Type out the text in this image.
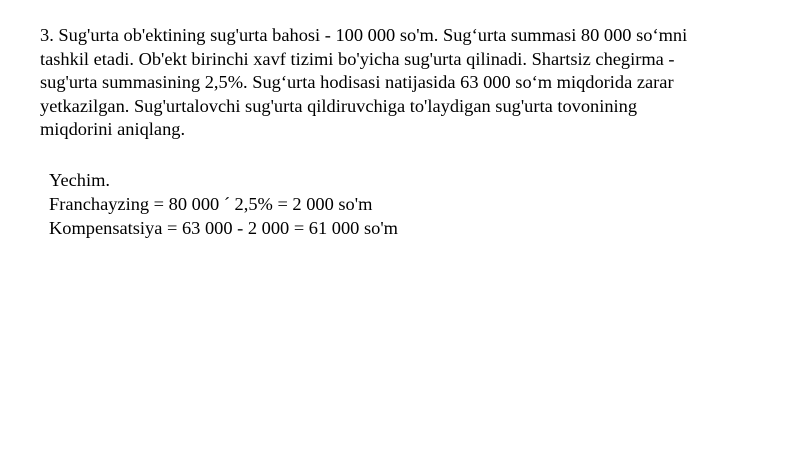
3. Sug'urta ob'ektining sug'urta bahosi - 100 000 so'm. Sug‘urta summasi 80 000 so‘mni
tashkil etadi. Ob'ekt birinchi xavf tizimi bo'yicha sug'urta qilinadi. Shartsiz chegirma -
sug'urta summasining 2,5%. Sug‘urta hodisasi natijasida 63 000 so‘m miqdorida zarar
yetkazilgan. Sug'urtalovchi sug'urta qildiruvchiga to'laydigan sug'urta tovonining
miqdorini aniqlang.

Yechim.
Franchayzing = 80 000 ´ 2,5% = 2 000 so'm
Kompensatsiya = 63 000 - 2 000 = 61 000 so'm
